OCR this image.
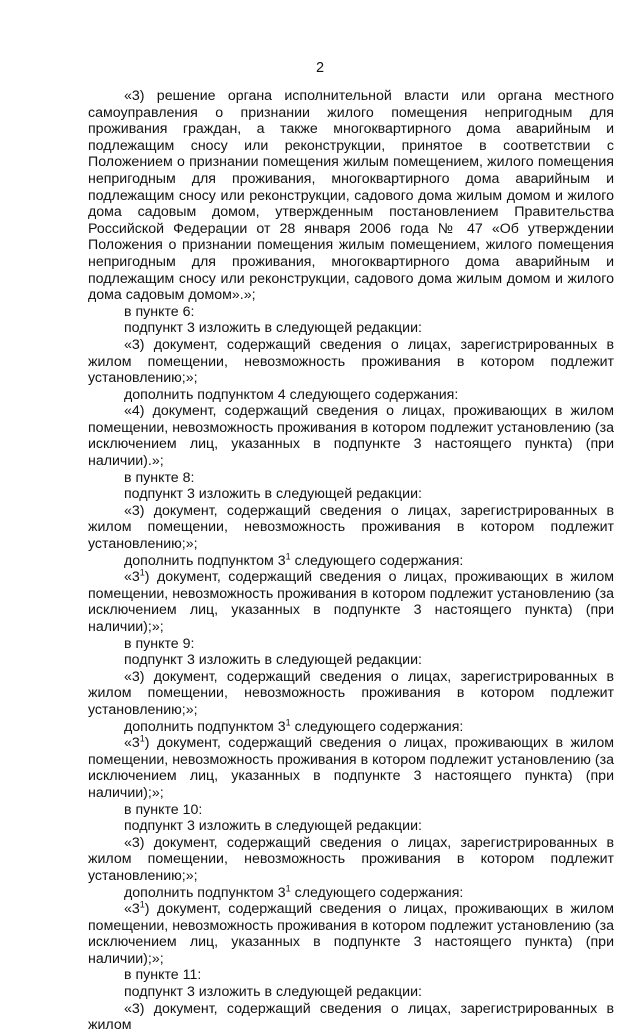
2

«3) решение органа исполнительной власти или органа местного самоуправления о признании жилого помещения непригодным для проживания граждан, а также многоквартирного дома аварийным и подлежащим сносу или реконструкции, принятое в соответствии с Положением о признании помещения жилым помещением, жилого помещения непригодным для проживания, многоквартирного дома аварийным и подлежащим сносу или реконструкции, садового дома жилым домом и жилого дома садовым домом, утвержденным постановлением Правительства Российской Федерации от 28 января 2006 года № 47 «Об утверждении Положения о признании помещения жилым помещением, жилого помещения непригодным для проживания, многоквартирного дома аварийным и подлежащим сносу или реконструкции, садового дома жилым домом и жилого дома садовым домом».»;

в пункте 6:

подпункт 3 изложить в следующей редакции:

«3) документ, содержащий сведения о лицах, зарегистрированных в жилом помещении, невозможность проживания в котором подлежит установлению;»;

дополнить подпунктом 4 следующего содержания:

«4) документ, содержащий сведения о лицах, проживающих в жилом помещении, невозможность проживания в котором подлежит установлению (за исключением лиц, указанных в подпункте 3 настоящего пункта) (при наличии).»;

в пункте 8:

подпункт 3 изложить в следующей редакции:

«3) документ, содержащий сведения о лицах, зарегистрированных в жилом помещении, невозможность проживания в котором подлежит установлению;»;

дополнить подпунктом $3^1$ следующего содержания:

«$3^1$) документ, содержащий сведения о лицах, проживающих в жилом помещении, невозможность проживания в котором подлежит установлению (за исключением лиц, указанных в подпункте 3 настоящего пункта) (при наличии);»;

в пункте 9:

подпункт 3 изложить в следующей редакции:

«3) документ, содержащий сведения о лицах, зарегистрированных в жилом помещении, невозможность проживания в котором подлежит установлению;»;

дополнить подпунктом $3^1$ следующего содержания:

«$3^1$) документ, содержащий сведения о лицах, проживающих в жилом помещении, невозможность проживания в котором подлежит установлению (за исключением лиц, указанных в подпункте 3 настоящего пункта) (при наличии);»;

в пункте 10:

подпункт 3 изложить в следующей редакции:

«3) документ, содержащий сведения о лицах, зарегистрированных в жилом помещении, невозможность проживания в котором подлежит установлению;»;

дополнить подпунктом $3^1$ следующего содержания:

«$3^1$) документ, содержащий сведения о лицах, проживающих в жилом помещении, невозможность проживания в котором подлежит установлению (за исключением лиц, указанных в подпункте 3 настоящего пункта) (при наличии);»;

в пункте 11:

подпункт 3 изложить в следующей редакции:

«3) документ, содержащий сведения о лицах, зарегистрированных в жилом
